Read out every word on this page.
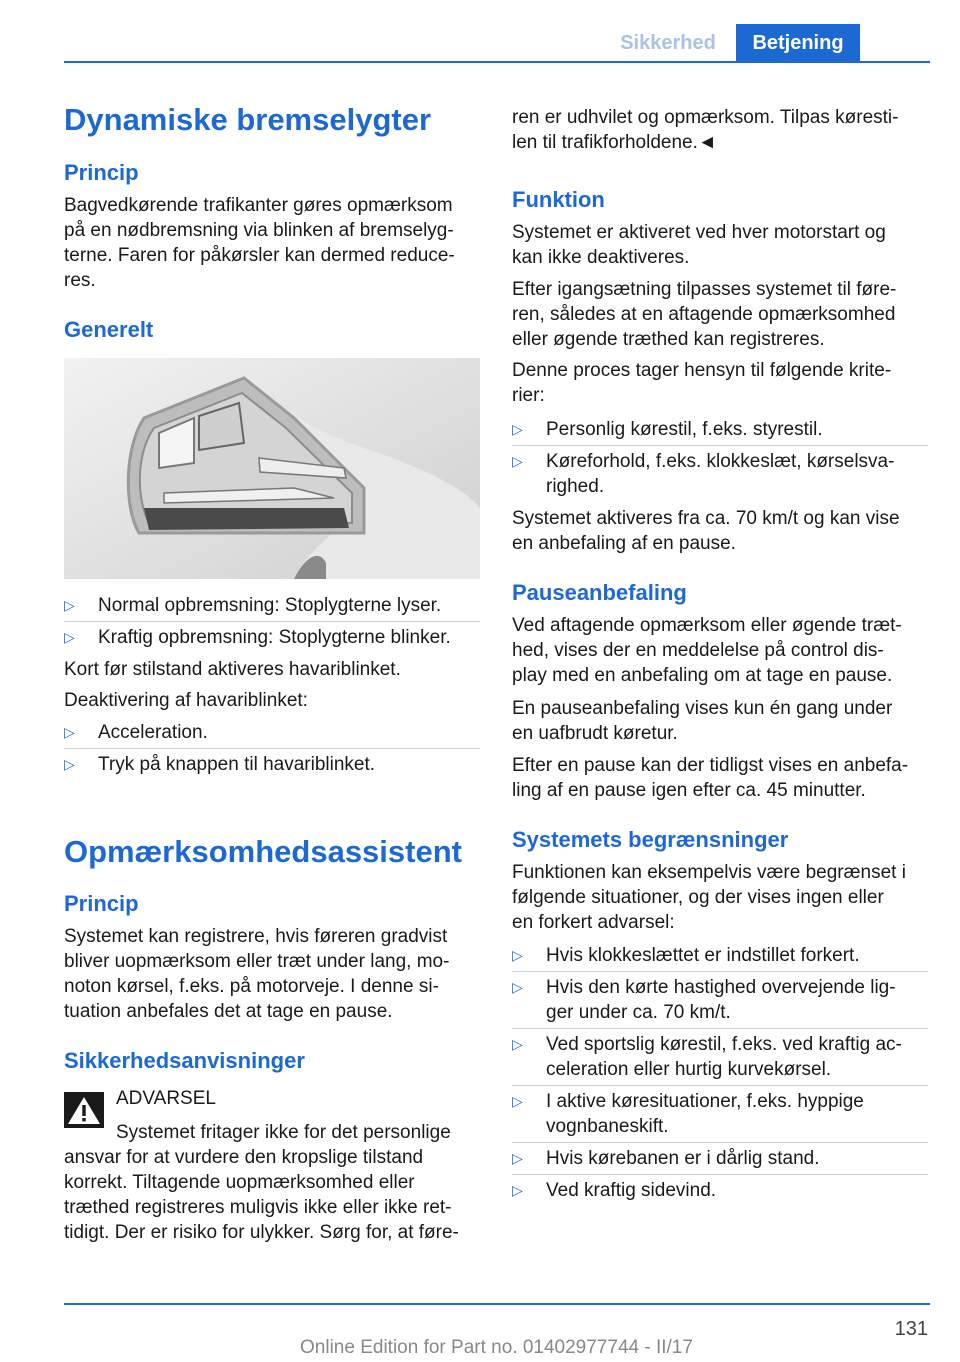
Sikkerhed	Betjening
Dynamiske bremselygter
Princip
Bagvedkørende trafikanter gøres opmærksom
på en nødbremsning via blinken af bremselyg-
terne. Faren for påkørsler kan dermed reduce-
res.
Generelt
▷	Normal opbremsning: Stoplygterne lyser.
▷	Kraftig opbremsning: Stoplygterne blinker.
Kort før stilstand aktiveres havariblinket.
Deaktivering af havariblinket:
▷	Acceleration.
▷	Tryk på knappen til havariblinket.
Opmærksomhedsassistent
Princip
Systemet kan registrere, hvis føreren gradvist
bliver uopmærksom eller træt under lang, mo-
noton kørsel, f.eks. på motorveje. I denne si-
tuation anbefales det at tage en pause.
Sikkerhedsanvisninger
ADVARSEL
Systemet fritager ikke for det personlige
ansvar for at vurdere den kropslige tilstand
korrekt. Tiltagende uopmærksomhed eller
træthed registreres muligvis ikke eller ikke ret-
tidigt. Der er risiko for ulykker. Sørg for, at føre-
ren er udhvilet og opmærksom. Tilpas køresti-
len til trafikforholdene.◄
Funktion
Systemet er aktiveret ved hver motorstart og
kan ikke deaktiveres.
Efter igangsætning tilpasses systemet til føre-
ren, således at en aftagende opmærksomhed
eller øgende træthed kan registreres.
Denne proces tager hensyn til følgende krite-
rier:
▷	Personlig kørestil, f.eks. styrestil.
▷	Køreforhold, f.eks. klokkeslæt, kørselsva-
righed.
Systemet aktiveres fra ca. 70 km/t og kan vise
en anbefaling af en pause.
Pauseanbefaling
Ved aftagende opmærksom eller øgende træt-
hed, vises der en meddelelse på control dis-
play med en anbefaling om at tage en pause.
En pauseanbefaling vises kun én gang under
en uafbrudt køretur.
Efter en pause kan der tidligst vises en anbefa-
ling af en pause igen efter ca. 45 minutter.
Systemets begrænsninger
Funktionen kan eksempelvis være begrænset i
følgende situationer, og der vises ingen eller
en forkert advarsel:
▷	Hvis klokkeslættet er indstillet forkert.
▷	Hvis den kørte hastighed overvejende lig-
ger under ca. 70 km/t.
▷	Ved sportslig kørestil, f.eks. ved kraftig ac-
celeration eller hurtig kurvekørsel.
▷	I aktive køresituationer, f.eks. hyppige
vognbaneskift.
▷	Hvis kørebanen er i dårlig stand.
▷	Ved kraftig sidevind.
131
Online Edition for Part no. 01402977744 - II/17
